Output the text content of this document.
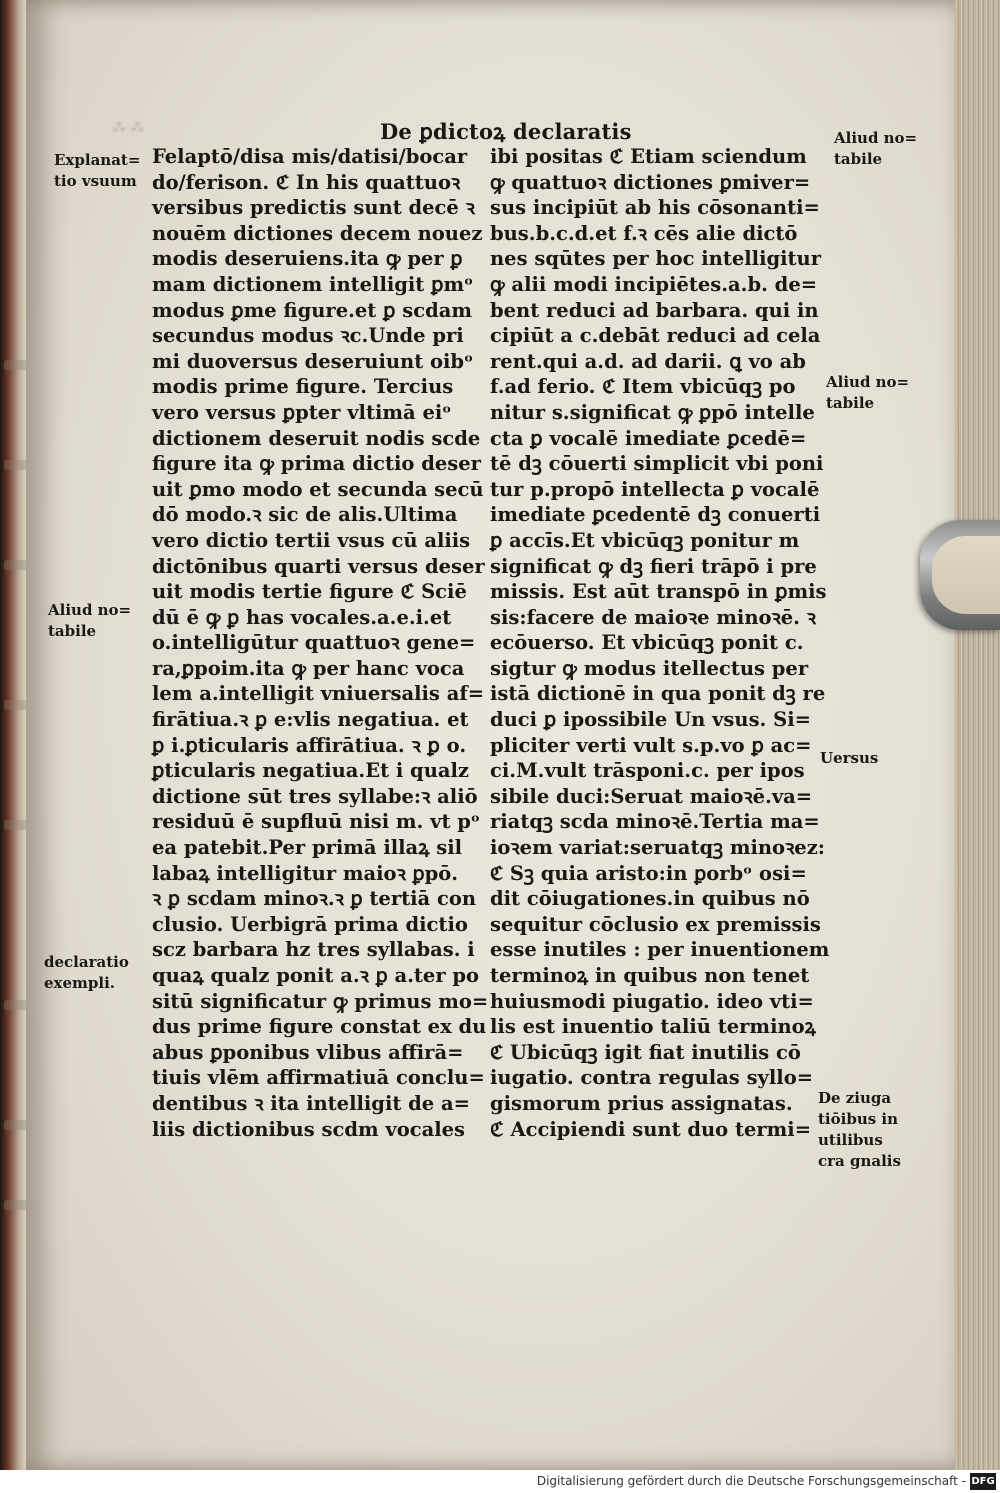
⁂ ⁂	De ꝑdictoꝝ declaratis
Felaptō/disa mis/datisi/bocar
do/ferison. ℭ In his quattuoꝛ
versibus predictis sunt decē ꝛ
nouēm dictiones decem nouez
modis deseruiens.ita ꝙ per ꝑ
mam dictionem intelligit ꝑmᵒ
modus ꝑme figure.et ꝑ scdam
secundus modus ꝛc.Unde pri
mi duoversus deseruiunt oibᵒ
modis prime figure. Tercius
vero versus ꝑpter vltimā eiᵒ
dictionem deseruit nodis scde
figure ita ꝙ prima dictio deser
uit ꝑmo modo et secunda secū
dō modo.ꝛ sic de alis.Ultima
vero dictio tertii vsus cū aliis
dictōnibus quarti versus deser
uit modis tertie figure ℭ Sciē
dū ē ꝙ ꝑ has vocales.a.e.i.et
o.intelligūtur quattuoꝛ gene=
ra,ꝑpoim.ita ꝙ per hanc voca
lem a.intelligit vniuersalis af=
firātiua.ꝛ ꝑ e:vlis negatiua. et
ꝑ i.ꝑticularis affirātiua. ꝛ ꝑ o.
ꝑticularis negatiua.Et i qualz
dictione sūt tres syllabe:ꝛ aliō
residuū ē supfluū nisi m. vt pᵒ
ea patebit.Per primā illaꝝ sil
labaꝝ intelligitur maioꝛ ꝑpō.
ꝛ ꝑ scdam minoꝛ.ꝛ ꝑ tertiā con
clusio. Uerbigrā prima dictio
scz barbara hz tres syllabas. i
quaꝝ qualz ponit a.ꝛ ꝑ a.ter po
sitū significatur ꝙ primus mo=
dus prime figure constat ex du
abus ꝑponibus vlibus affirā=
tiuis vlēm affirmatiuā conclu=
dentibus ꝛ ita intelligit de a=
liis dictionibus scdm vocales
ibi positas ℭ Etiam sciendum
ꝙ quattuoꝛ dictiones ꝑmiver=
sus incipiūt ab his cōsonanti=
bus.b.c.d.et f.ꝛ cēs alie dictō
nes sqūtes per hoc intelligitur
ꝙ alii modi incipiētes.a.b. de=
bent reduci ad barbara. qui in
cipiūt a c.debāt reduci ad cela
rent.qui a.d. ad darii. ꝗ vo ab
f.ad ferio. ℭ Item vbicūqꝫ po
nitur s.significat ꝙ ꝑpō intelle
cta ꝑ vocalē imediate ꝑcedē=
tē dꝫ cōuerti simplicit vbi poni
tur p.propō intellecta ꝑ vocalē
imediate ꝑcedentē dꝫ conuerti
ꝑ accīs.Et vbicūqꝫ ponitur m
significat ꝙ dꝫ fieri trāpō i pre
missis. Est aūt transpō in ꝑmis
sis:facere de maioꝛe minoꝛē. ꝛ
ecōuerso. Et vbicūqꝫ ponit c.
sigtur ꝙ modus itellectus per
istā dictionē in qua ponit dꝫ re
duci ꝑ ipossibile Un vsus. Si=
pliciter verti vult s.p.vo ꝑ ac=
ci.M.vult trāsponi.c. per ipos
sibile duci:Seruat maioꝛē.va=
riatqꝫ scda minoꝛē.Tertia ma=
ioꝛem variat:seruatqꝫ minoꝛez:
ℭ Sꝫ quia aristo:in ꝑorbᵒ osi=
dit cōiugationes.in quibus nō
sequitur cōclusio ex premissis
esse inutiles : per inuentionem
terminoꝝ in quibus non tenet
huiusmodi piugatio. ideo vti=
lis est inuentio taliū terminoꝝ
ℭ Ubicūqꝫ igit fiat inutilis cō
iugatio. contra regulas syllo=
gismorum prius assignatas.
ℭ Accipiendi sunt duo termi=
Explanat=
tio vsuum
Aliud no=
tabile
declaratio
exempli.
Aliud no=
tabile
Aliud no=
tabile
Uersus
De ziuga
tiōibus in
utilibus
cra gnalis
Digitalisierung gefördert durch die Deutsche Forschungsgemeinschaft - DFG
